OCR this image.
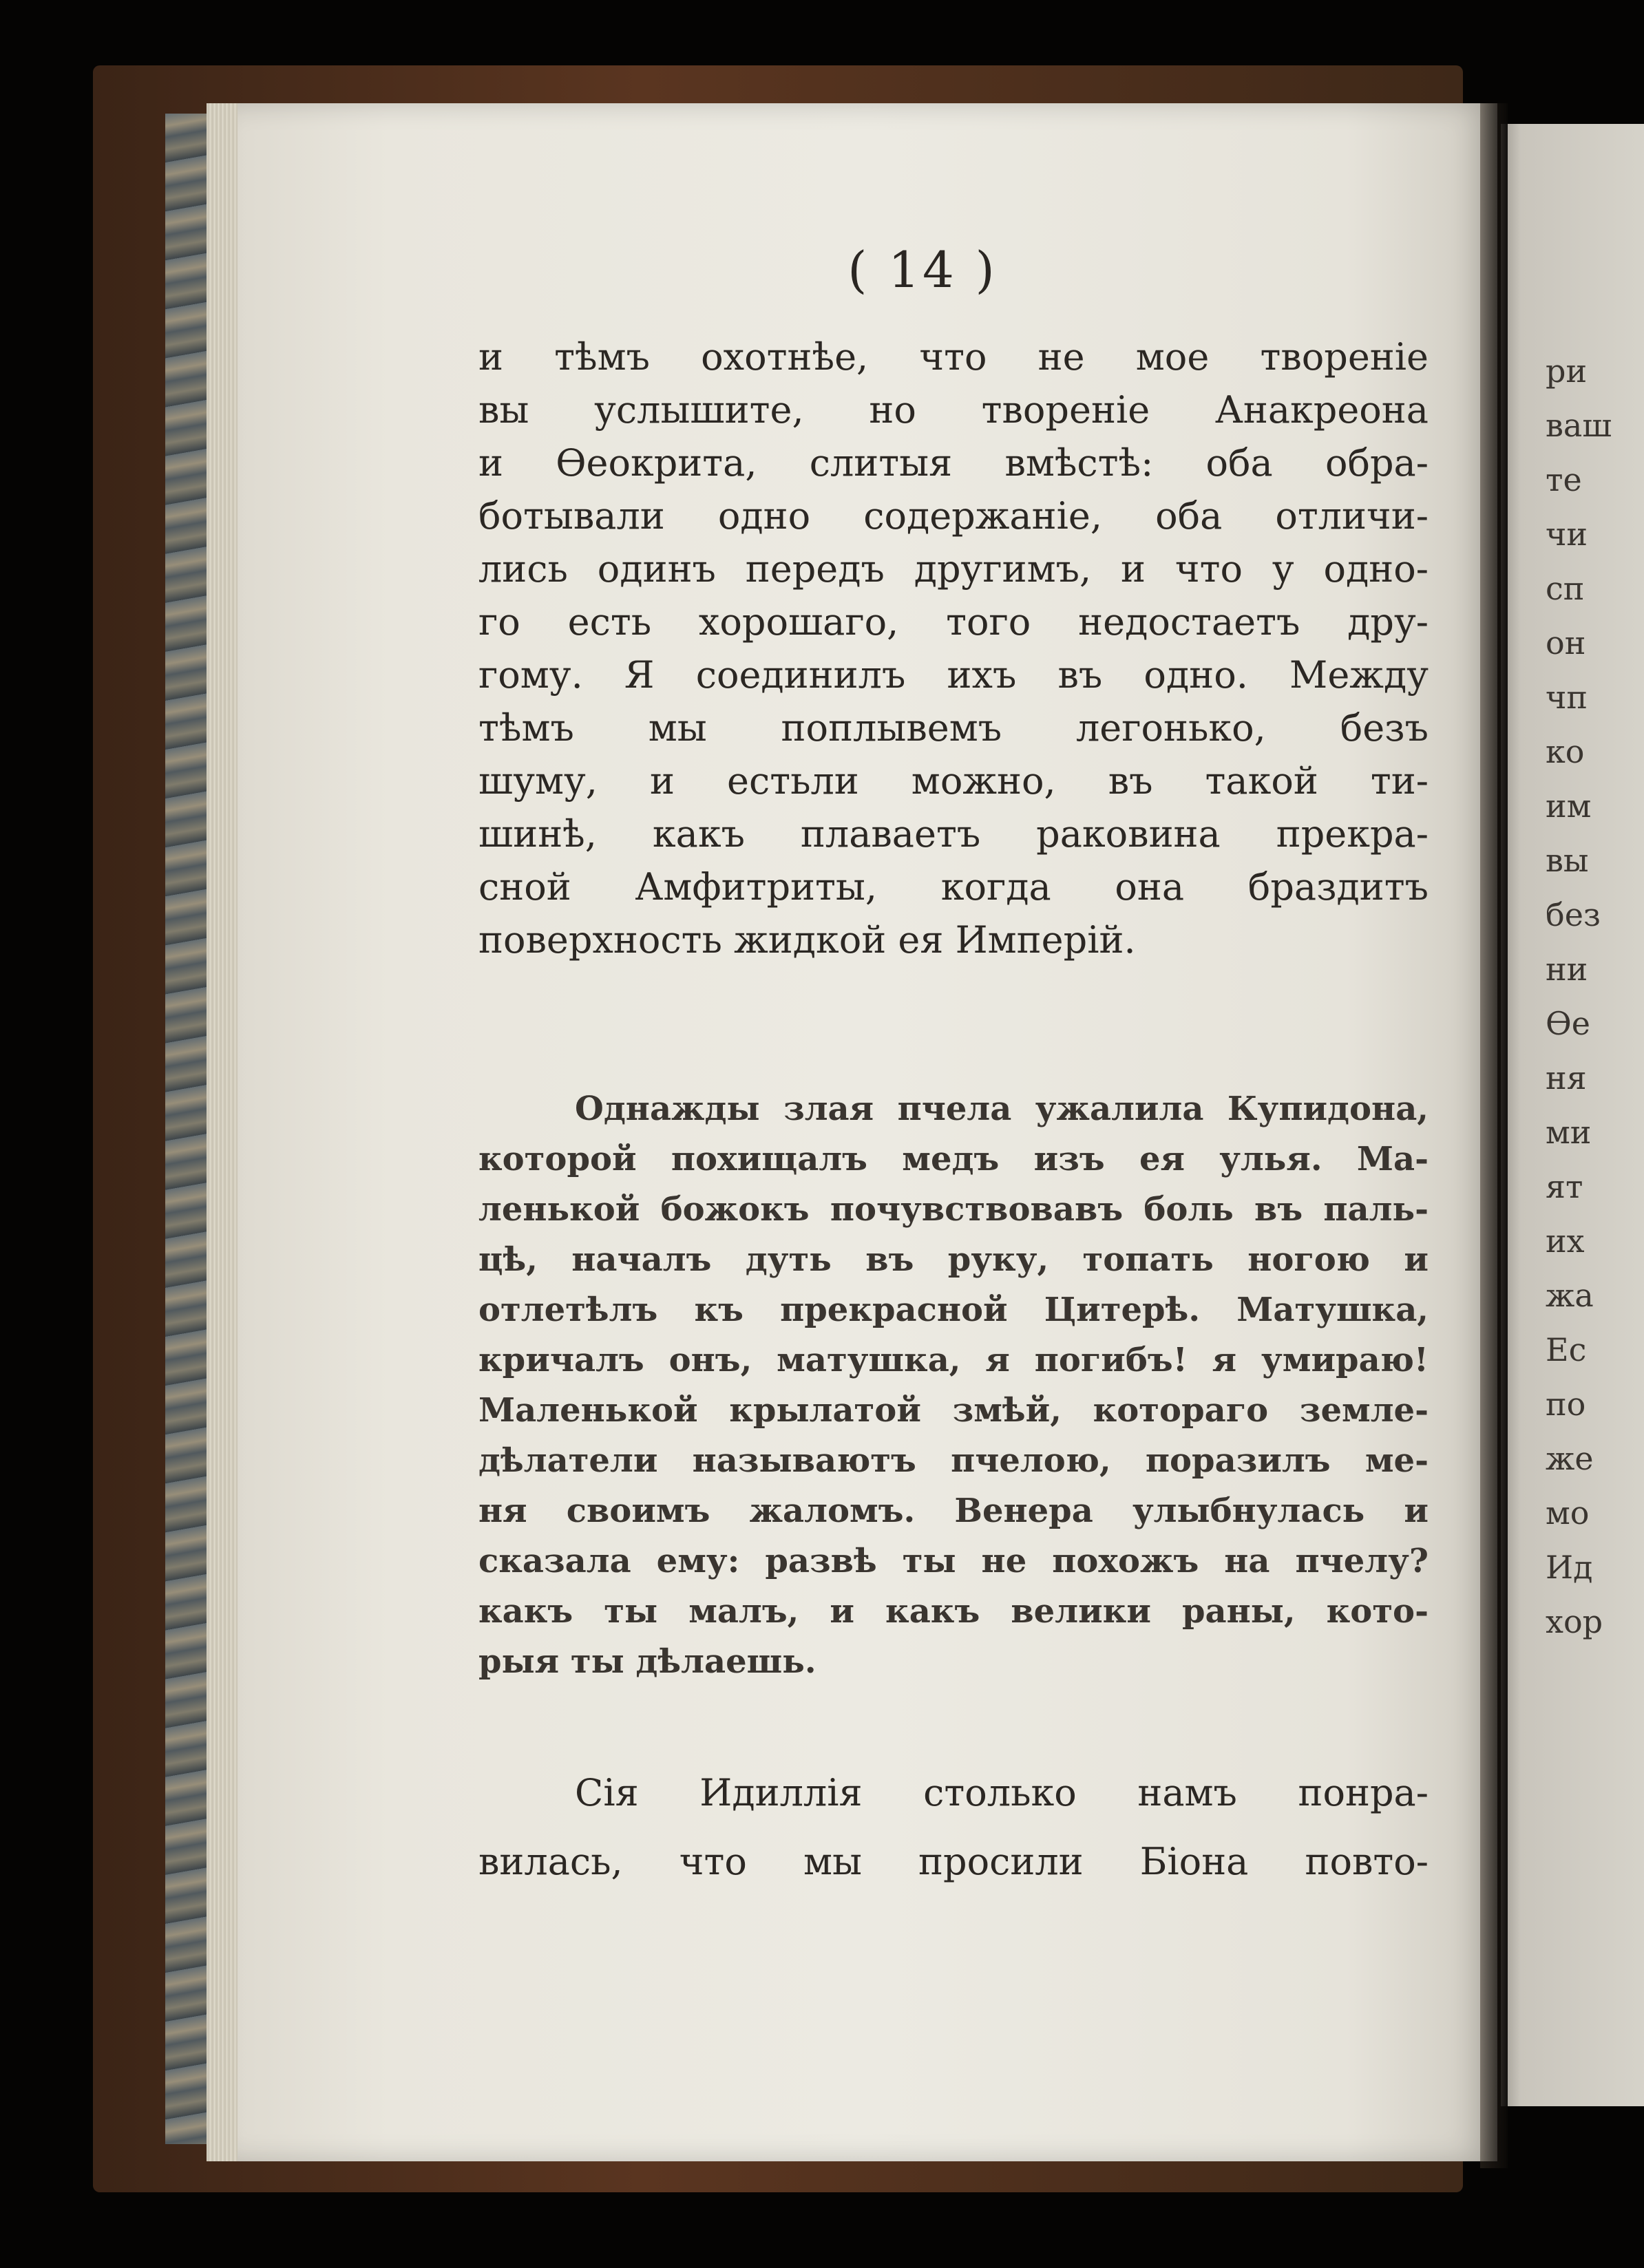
( 14 )
и тѣмъ охотнѣе, что не мое твореніе
вы услышите, но твореніе Анакреона
и Ѳеокрита, слитыя вмѣстѣ: оба обра-
ботывали одно содержаніе, оба отличи-
лись одинъ передъ другимъ, и что у одно-
го есть хорошаго, того недостаетъ дру-
гому. Я соединилъ ихъ въ одно. Между
тѣмъ мы поплывемъ легонько, безъ
шуму, и естьли можно, въ такой ти-
шинѣ, какъ плаваетъ раковина прекра-
сной Амфитриты, когда она браздитъ
поверхность жидкой ея Имперій.
Однажды злая пчела ужалила Купидона,
которой похищалъ медъ изъ ея улья. Ма-
ленькой божокъ почувствовавъ боль въ паль-
цѣ, началъ дуть въ руку, топать ногою и
отлетѣлъ къ прекрасной Цитерѣ. Матушка,
кричалъ онъ, матушка, я погибъ! я умираю!
Маленькой крылатой змѣй, котораго земле-
дѣлатели называютъ пчелою, поразилъ ме-
ня своимъ жаломъ. Венера улыбнулась и
сказала ему: развѣ ты не похожъ на пчелу?
какъ ты малъ, и какъ велики раны, кото-
рыя ты дѣлаешь.
Сія Идиллія столько намъ понра-
вилась, что мы просили Біона повто-
ри
ваш
те
чи
сп
он
чп
ко
им
вы
без
ни
Ѳе
ня
ми
ят
их
жа
Ес
по
же
мо
Ид
хор
